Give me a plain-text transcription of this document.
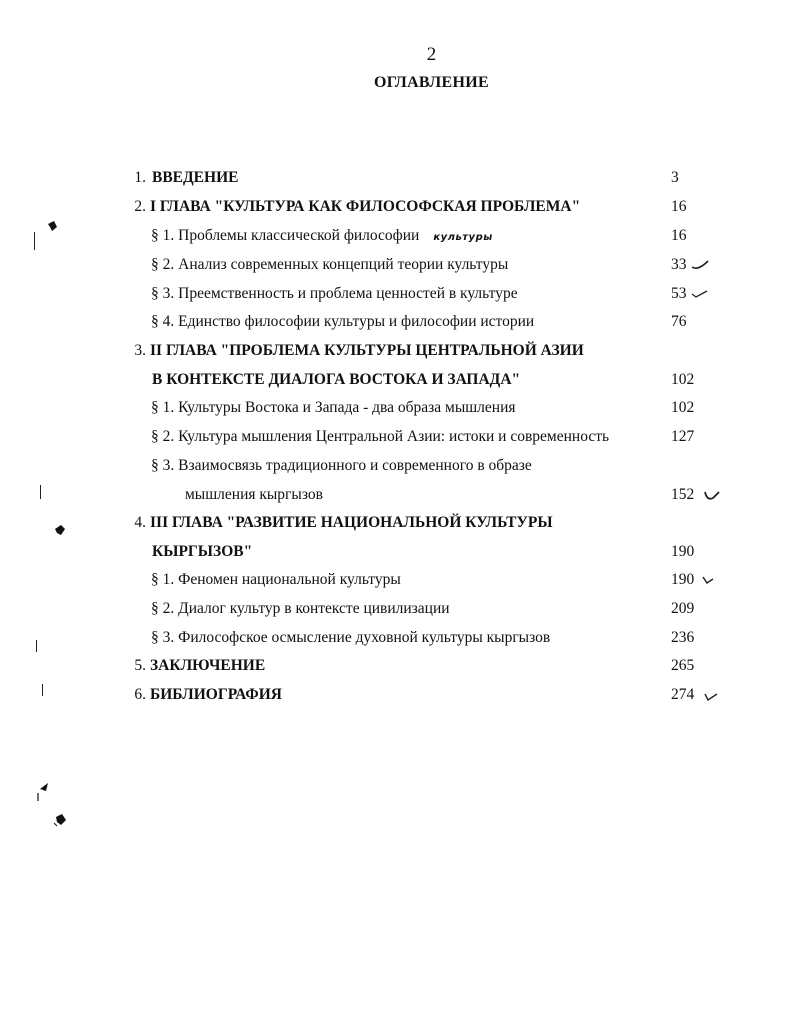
2
ОГЛАВЛЕНИЕ
1. ВВЕДЕНИЕ	3
2. I ГЛАВА "КУЛЬТУРА КАК ФИЛОСОФСКАЯ ПРОБЛЕМА"	16
§ 1. Проблемы классической философии культуры	16
§ 2. Анализ современных концепций теории культуры	33
§ 3. Преемственность и проблема ценностей в культуре	53
§ 4. Единство философии культуры и философии истории	76
3. II ГЛАВА "ПРОБЛЕМА КУЛЬТУРЫ ЦЕНТРАЛЬНОЙ АЗИИ
В КОНТЕКСТЕ ДИАЛОГА ВОСТОКА И ЗАПАДА"	102
§ 1. Культуры Востока и Запада - два образа мышления	102
§ 2. Культура мышления Центральной Азии: истоки и современность	127
§ 3. Взаимосвязь традиционного и современного в образе
мышления кыргызов	152
4. III ГЛАВА "РАЗВИТИЕ НАЦИОНАЛЬНОЙ КУЛЬТУРЫ
КЫРГЫЗОВ"	190
§ 1. Феномен национальной культуры	190
§ 2. Диалог культур в контексте цивилизации	209
§ 3. Философское осмысление духовной культуры кыргызов	236
5. ЗАКЛЮЧЕНИЕ	265
6. БИБЛИОГРАФИЯ	274
